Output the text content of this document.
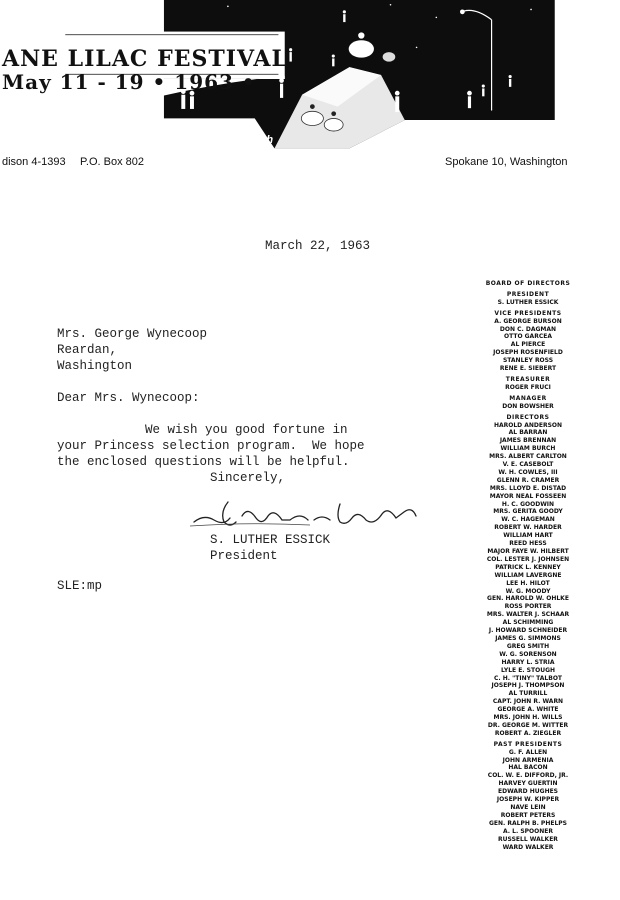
ANE LILAC FESTIVAL
May 11 - 19 • 1963 •
Showcase for Youth
dison 4-1393 P.O. Box 802	Spokane 10, Washington
March 22, 1963
Mrs. George Wynecoop
Reardan,
Washington
Dear Mrs. Wynecoop:
We wish you good fortune in
your Princess selection program.  We hope
the enclosed questions will be helpful.
Sincerely,
S. LUTHER ESSICK
President
SLE:mp
BOARD OF DIRECTORS
PRESIDENT
S. LUTHER ESSICK
VICE PRESIDENTS
A. GEORGE BURSON
DON C. DAGMAN
OTTO GARCEA
AL PIERCE
JOSEPH ROSENFIELD
STANLEY ROSS
RENE E. SIEBERT
TREASURER
ROGER FRUCI
MANAGER
DON BOWSHER
DIRECTORS
HAROLD ANDERSON
AL BARRAN
JAMES BRENNAN
WILLIAM BURCH
MRS. ALBERT CARLTON
V. E. CASEBOLT
W. H. COWLES, III
GLENN R. CRAMER
MRS. LLOYD E. DISTAD
MAYOR NEAL FOSSEEN
H. C. GOODWIN
MRS. GERITA GOODY
W. C. HAGEMAN
ROBERT W. HARDER
WILLIAM HART
REED HESS
MAJOR FAYE W. HILBERT
COL. LESTER J. JOHNSEN
PATRICK L. KENNEY
WILLIAM LAVERGNE
LEE H. HILOT
W. G. MOODY
GEN. HAROLD W. OHLKE
ROSS PORTER
MRS. WALTER J. SCHAAR
AL SCHIMMING
J. HOWARD SCHNEIDER
JAMES G. SIMMONS
GREG SMITH
W. G. SORENSON
HARRY L. STRIA
LYLE E. STOUGH
C. H. "TINY" TALBOT
JOSEPH J. THOMPSON
AL TURRILL
CAPT. JOHN R. WARN
GEORGE A. WHITE
MRS. JOHN H. WILLS
DR. GEORGE M. WITTER
ROBERT A. ZIEGLER
PAST PRESIDENTS
G. F. ALLEN
JOHN ARMENIA
HAL BACON
COL. W. E. DIFFORD, JR.
HARVEY GUERTIN
EDWARD HUGHES
JOSEPH W. KIPPER
NAVE LEIN
ROBERT PETERS
GEN. RALPH B. PHELPS
A. L. SPOONER
RUSSELL WALKER
WARD WALKER
